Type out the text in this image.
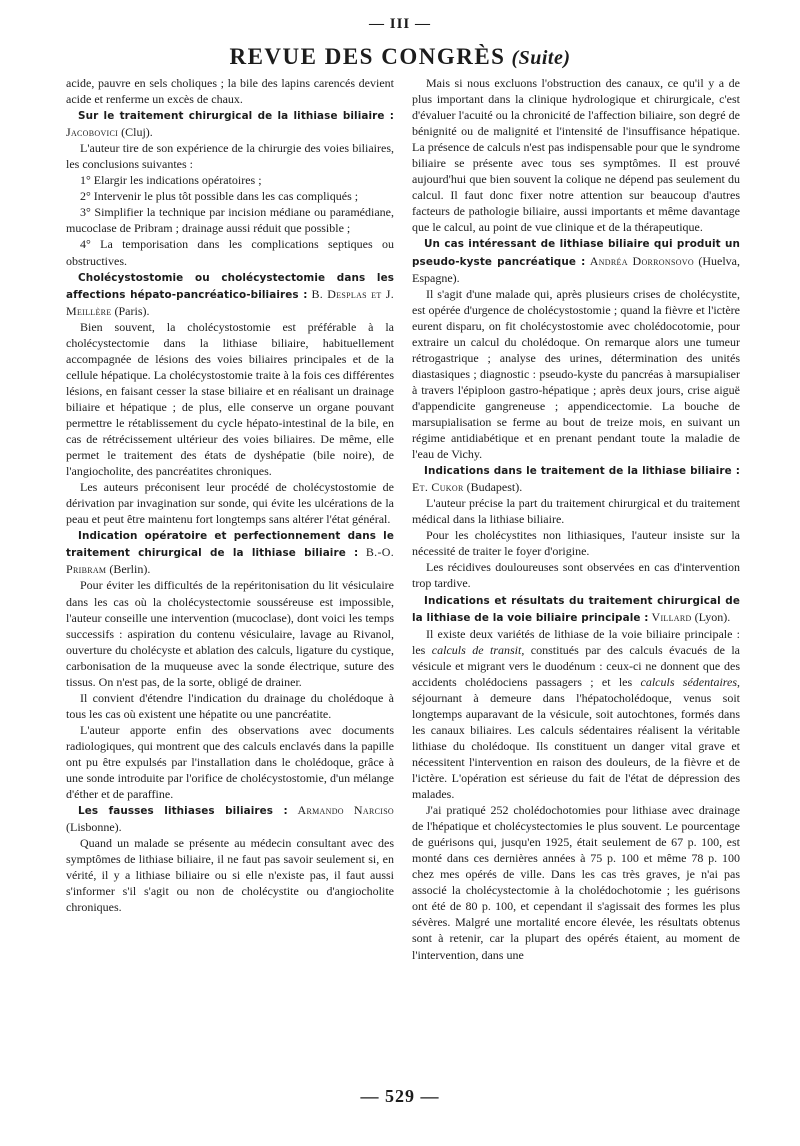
— III —
REVUE DES CONGRÈS (Suite)

acide, pauvre en sels choliques ; la bile des lapins carencés devient acide et renferme un excès de chaux.

Sur le traitement chirurgical de la lithiase biliaire : Jacobovici (Cluj).

L'auteur tire de son expérience de la chirurgie des voies biliaires, les conclusions suivantes :

1° Elargir les indications opératoires ;

2° Intervenir le plus tôt possible dans les cas compliqués ;

3° Simplifier la technique par incision médiane ou paramédiane, mucoclase de Pribram ; drainage aussi réduit que possible ;

4° La temporisation dans les complications septiques ou obstructives.

Cholécystostomie ou cholécystectomie dans les affections hépato-pancréatico-biliaires : B. Desplas et J. Meillère (Paris).

Bien souvent, la cholécystostomie est préférable à la cholécystectomie dans la lithiase biliaire, habituellement accompagnée de lésions des voies biliaires principales et de la cellule hépatique. La cholécystostomie traite à la fois ces différentes lésions, en faisant cesser la stase biliaire et en réalisant un drainage biliaire et hépatique ; de plus, elle conserve un organe pouvant permettre le rétablissement du cycle hépato-intestinal de la bile, en cas de rétrécissement ultérieur des voies biliaires. De même, elle permet le traitement des états de dyshépatie (bile noire), de l'angiocholite, des pancréatites chroniques.

Les auteurs préconisent leur procédé de cholécystostomie de dérivation par invagination sur sonde, qui évite les ulcérations de la peau et peut être maintenu fort longtemps sans altérer l'état général.

Indication opératoire et perfectionnement dans le traitement chirurgical de la lithiase biliaire : B.-O. Pribram (Berlin).

Pour éviter les difficultés de la repéritonisation du lit vésiculaire dans les cas où la cholécystectomie sousséreuse est impossible, l'auteur conseille une intervention (mucoclase), dont voici les temps successifs : aspiration du contenu vésiculaire, lavage au Rivanol, ouverture du cholécyste et ablation des calculs, ligature du cystique, carbonisation de la muqueuse avec la sonde électrique, suture des tissus. On n'est pas, de la sorte, obligé de drainer.

Il convient d'étendre l'indication du drainage du cholédoque à tous les cas où existent une hépatite ou une pancréatite.

L'auteur apporte enfin des observations avec documents radiologiques, qui montrent que des calculs enclavés dans la papille ont pu être expulsés par l'installation dans le cholédoque, grâce à une sonde introduite par l'orifice de cholécystostomie, d'un mélange d'éther et de paraffine.

Les fausses lithiases biliaires : Armando Narciso (Lisbonne).

Quand un malade se présente au médecin consultant avec des symptômes de lithiase biliaire, il ne faut pas savoir seulement si, en vérité, il y a lithiase biliaire ou si elle n'existe pas, il faut aussi s'informer s'il s'agit ou non de cholécystite ou d'angiocholite chroniques.

Mais si nous excluons l'obstruction des canaux, ce qu'il y a de plus important dans la clinique hydrologique et chirurgicale, c'est d'évaluer l'acuité ou la chronicité de l'affection biliaire, son degré de bénignité ou de malignité et l'intensité de l'insuffisance hépatique. La présence de calculs n'est pas indispensable pour que le syndrome biliaire se présente avec tous ses symptômes. Il est prouvé aujourd'hui que bien souvent la colique ne dépend pas seulement du calcul. Il faut donc fixer notre attention sur beaucoup d'autres facteurs de pathologie biliaire, aussi importants et même davantage que le calcul, au point de vue clinique et de la thérapeutique.

Un cas intéressant de lithiase biliaire qui produit un pseudo-kyste pancréatique : Andréa Dorronsovo (Huelva, Espagne).

Il s'agit d'une malade qui, après plusieurs crises de cholécystite, est opérée d'urgence de cholécystostomie ; quand la fièvre et l'ictère eurent disparu, on fit cholécystostomie avec cholédocotomie, pour extraire un calcul du cholédoque. On remarque alors une tumeur rétrogastrique ; analyse des urines, détermination des unités diastasiques ; diagnostic : pseudo-kyste du pancréas à marsupialiser à travers l'épiploon gastro-hépatique ; après deux jours, crise aiguë d'appendicite gangreneuse ; appendicectomie. La bouche de marsupialisation se ferme au bout de treize mois, en suivant un régime antidiabétique et en prenant pendant toute la maladie de l'eau de Vichy.

Indications dans le traitement de la lithiase biliaire : Et. Cukor (Budapest).

L'auteur précise la part du traitement chirurgical et du traitement médical dans la lithiase biliaire.

Pour les cholécystites non lithiasiques, l'auteur insiste sur la nécessité de traiter le foyer d'origine.

Les récidives douloureuses sont observées en cas d'intervention trop tardive.

Indications et résultats du traitement chirurgical de la lithiase de la voie biliaire principale : Villard (Lyon).

Il existe deux variétés de lithiase de la voie biliaire principale : les calculs de transit, constitués par des calculs évacués de la vésicule et migrant vers le duodénum : ceux-ci ne donnent que des accidents cholédociens passagers ; et les calculs sédentaires, séjournant à demeure dans l'hépatocholédoque, venus soit longtemps auparavant de la vésicule, soit autochtones, formés dans les canaux biliaires. Les calculs sédentaires réalisent la véritable lithiase du cholédoque. Ils constituent un danger vital grave et nécessitent l'intervention en raison des douleurs, de la fièvre et de l'ictère. L'opération est sérieuse du fait de l'état de dépression des malades.

J'ai pratiqué 252 cholédochotomies pour lithiase avec drainage de l'hépatique et cholécystectomies le plus souvent. Le pourcentage de guérisons qui, jusqu'en 1925, était seulement de 67 p. 100, est monté dans ces dernières années à 75 p. 100 et même 78 p. 100 chez mes opérés de ville. Dans les cas très graves, je n'ai pas associé la cholécystectomie à la cholédochotomie ; les guérisons ont été de 80 p. 100, et cependant il s'agissait des formes les plus sévères. Malgré une mortalité encore élevée, les résultats obtenus sont à retenir, car la plupart des opérés étaient, au moment de l'intervention, dans une

— 529 —
